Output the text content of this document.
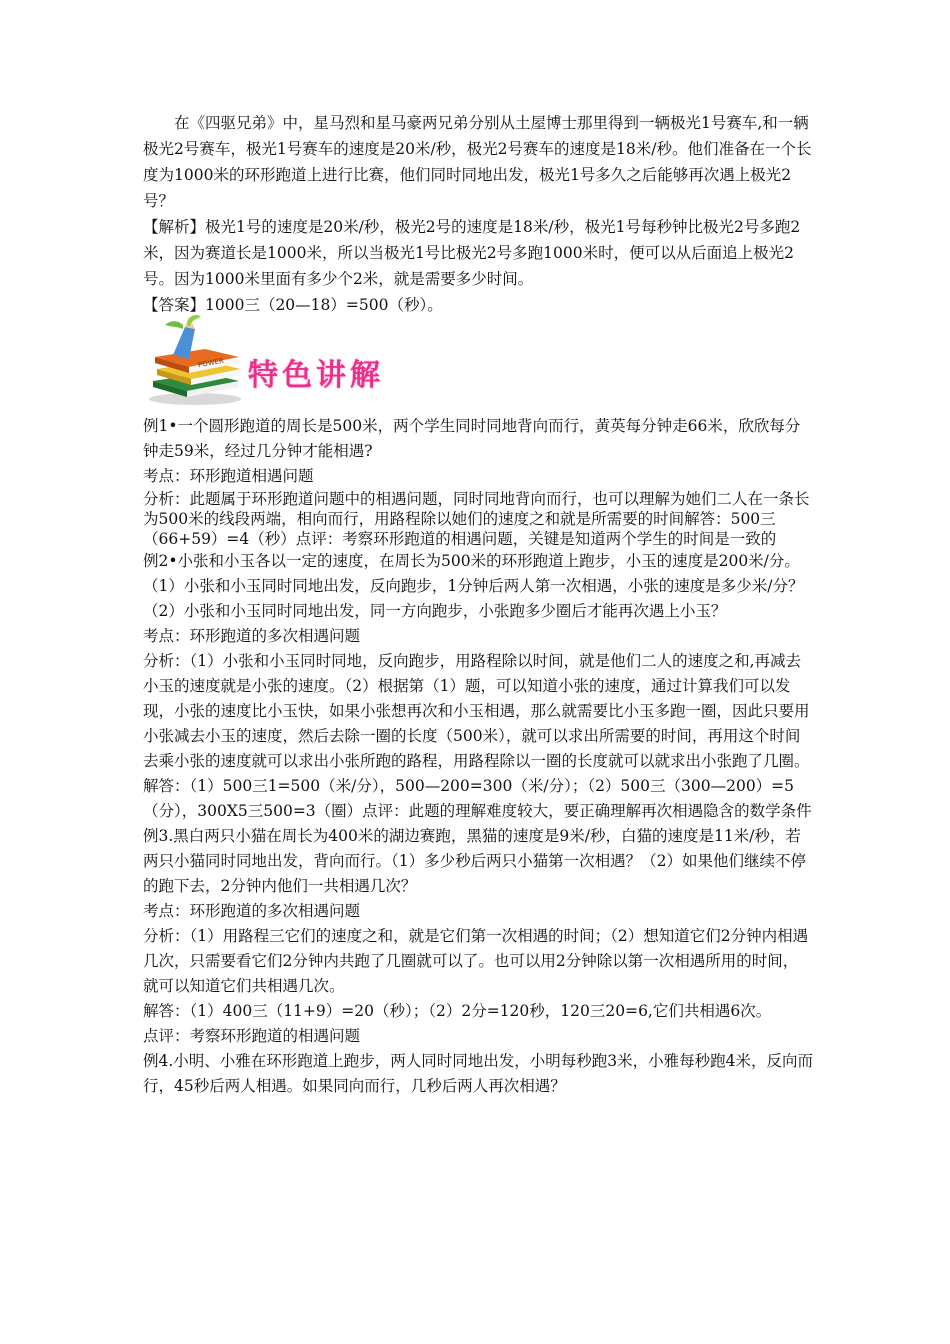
在《四驱兄弟》中，星马烈和星马豪两兄弟分别从土屋博士那里得到一辆极光1号赛车,和一辆极光2号赛车，极光1号赛车的速度是20米/秒，极光2号赛车的速度是18米/秒。他们准备在一个长度为1000米的环形跑道上进行比赛，他们同时同地出发，极光1号多久之后能够再次遇上极光2号？

【解析】极光1号的速度是20米/秒，极光2号的速度是18米/秒，极光1号每秒钟比极光2号多跑2米，因为赛道长是1000米，所以当极光1号比极光2号多跑1000米时，便可以从后面追上极光2号。因为1000米里面有多少个2米，就是需要多少时间。

【答案】1000三（20—18）=500（秒）。

POWER 特色讲解

例1•一个圆形跑道的周长是500米，两个学生同时同地背向而行，黄英每分钟走66米，欣欣每分钟走59米，经过几分钟才能相遇?

考点：环形跑道相遇问题

分析：此题属于环形跑道问题中的相遇问题，同时同地背向而行，也可以理解为她们二人在一条长为500米的线段两端，相向而行，用路程除以她们的速度之和就是所需要的时间解答：500三（66+59）=4（秒）点评：考察环形跑道的相遇问题，关键是知道两个学生的时间是一致的

例2•小张和小玉各以一定的速度，在周长为500米的环形跑道上跑步，小玉的速度是200米/分。（1）小张和小玉同时同地出发，反向跑步，1分钟后两人第一次相遇，小张的速度是多少米/分？（2）小张和小玉同时同地出发，同一方向跑步，小张跑多少圈后才能再次遇上小玉？

考点：环形跑道的多次相遇问题

分析：（1）小张和小玉同时同地，反向跑步，用路程除以时间，就是他们二人的速度之和,再减去小玉的速度就是小张的速度。（2）根据第（1）题，可以知道小张的速度，通过计算我们可以发现，小张的速度比小玉快，如果小张想再次和小玉相遇，那么就需要比小玉多跑一圈，因此只要用小张减去小玉的速度，然后去除一圈的长度（500米），就可以求出所需要的时间，再用这个时间去乘小张的速度就可以求出小张所跑的路程，用路程除以一圈的长度就可以就求出小张跑了几圈。

解答：（1）500三1=500（米/分），500—200=300（米/分）；（2）500三（300—200）=5（分），300X5三500=3（圈）点评：此题的理解难度较大，要正确理解再次相遇隐含的数学条件

例3.黑白两只小猫在周长为400米的湖边赛跑，黑猫的速度是9米/秒，白猫的速度是11米/秒，若两只小猫同时同地出发，背向而行。（1）多少秒后两只小猫第一次相遇？（2）如果他们继续不停的跑下去，2分钟内他们一共相遇几次？

考点：环形跑道的多次相遇问题

分析：（1）用路程三它们的速度之和，就是它们第一次相遇的时间；（2）想知道它们2分钟内相遇几次，只需要看它们2分钟内共跑了几圈就可以了。也可以用2分钟除以第一次相遇所用的时间，就可以知道它们共相遇几次。

解答：（1）400三（11+9）=20（秒）；（2）2分=120秒，120三20=6,它们共相遇6次。

点评：考察环形跑道的相遇问题

例4.小明、小雅在环形跑道上跑步，两人同时同地出发，小明每秒跑3米，小雅每秒跑4米，反向而行，45秒后两人相遇。如果同向而行，几秒后两人再次相遇？
